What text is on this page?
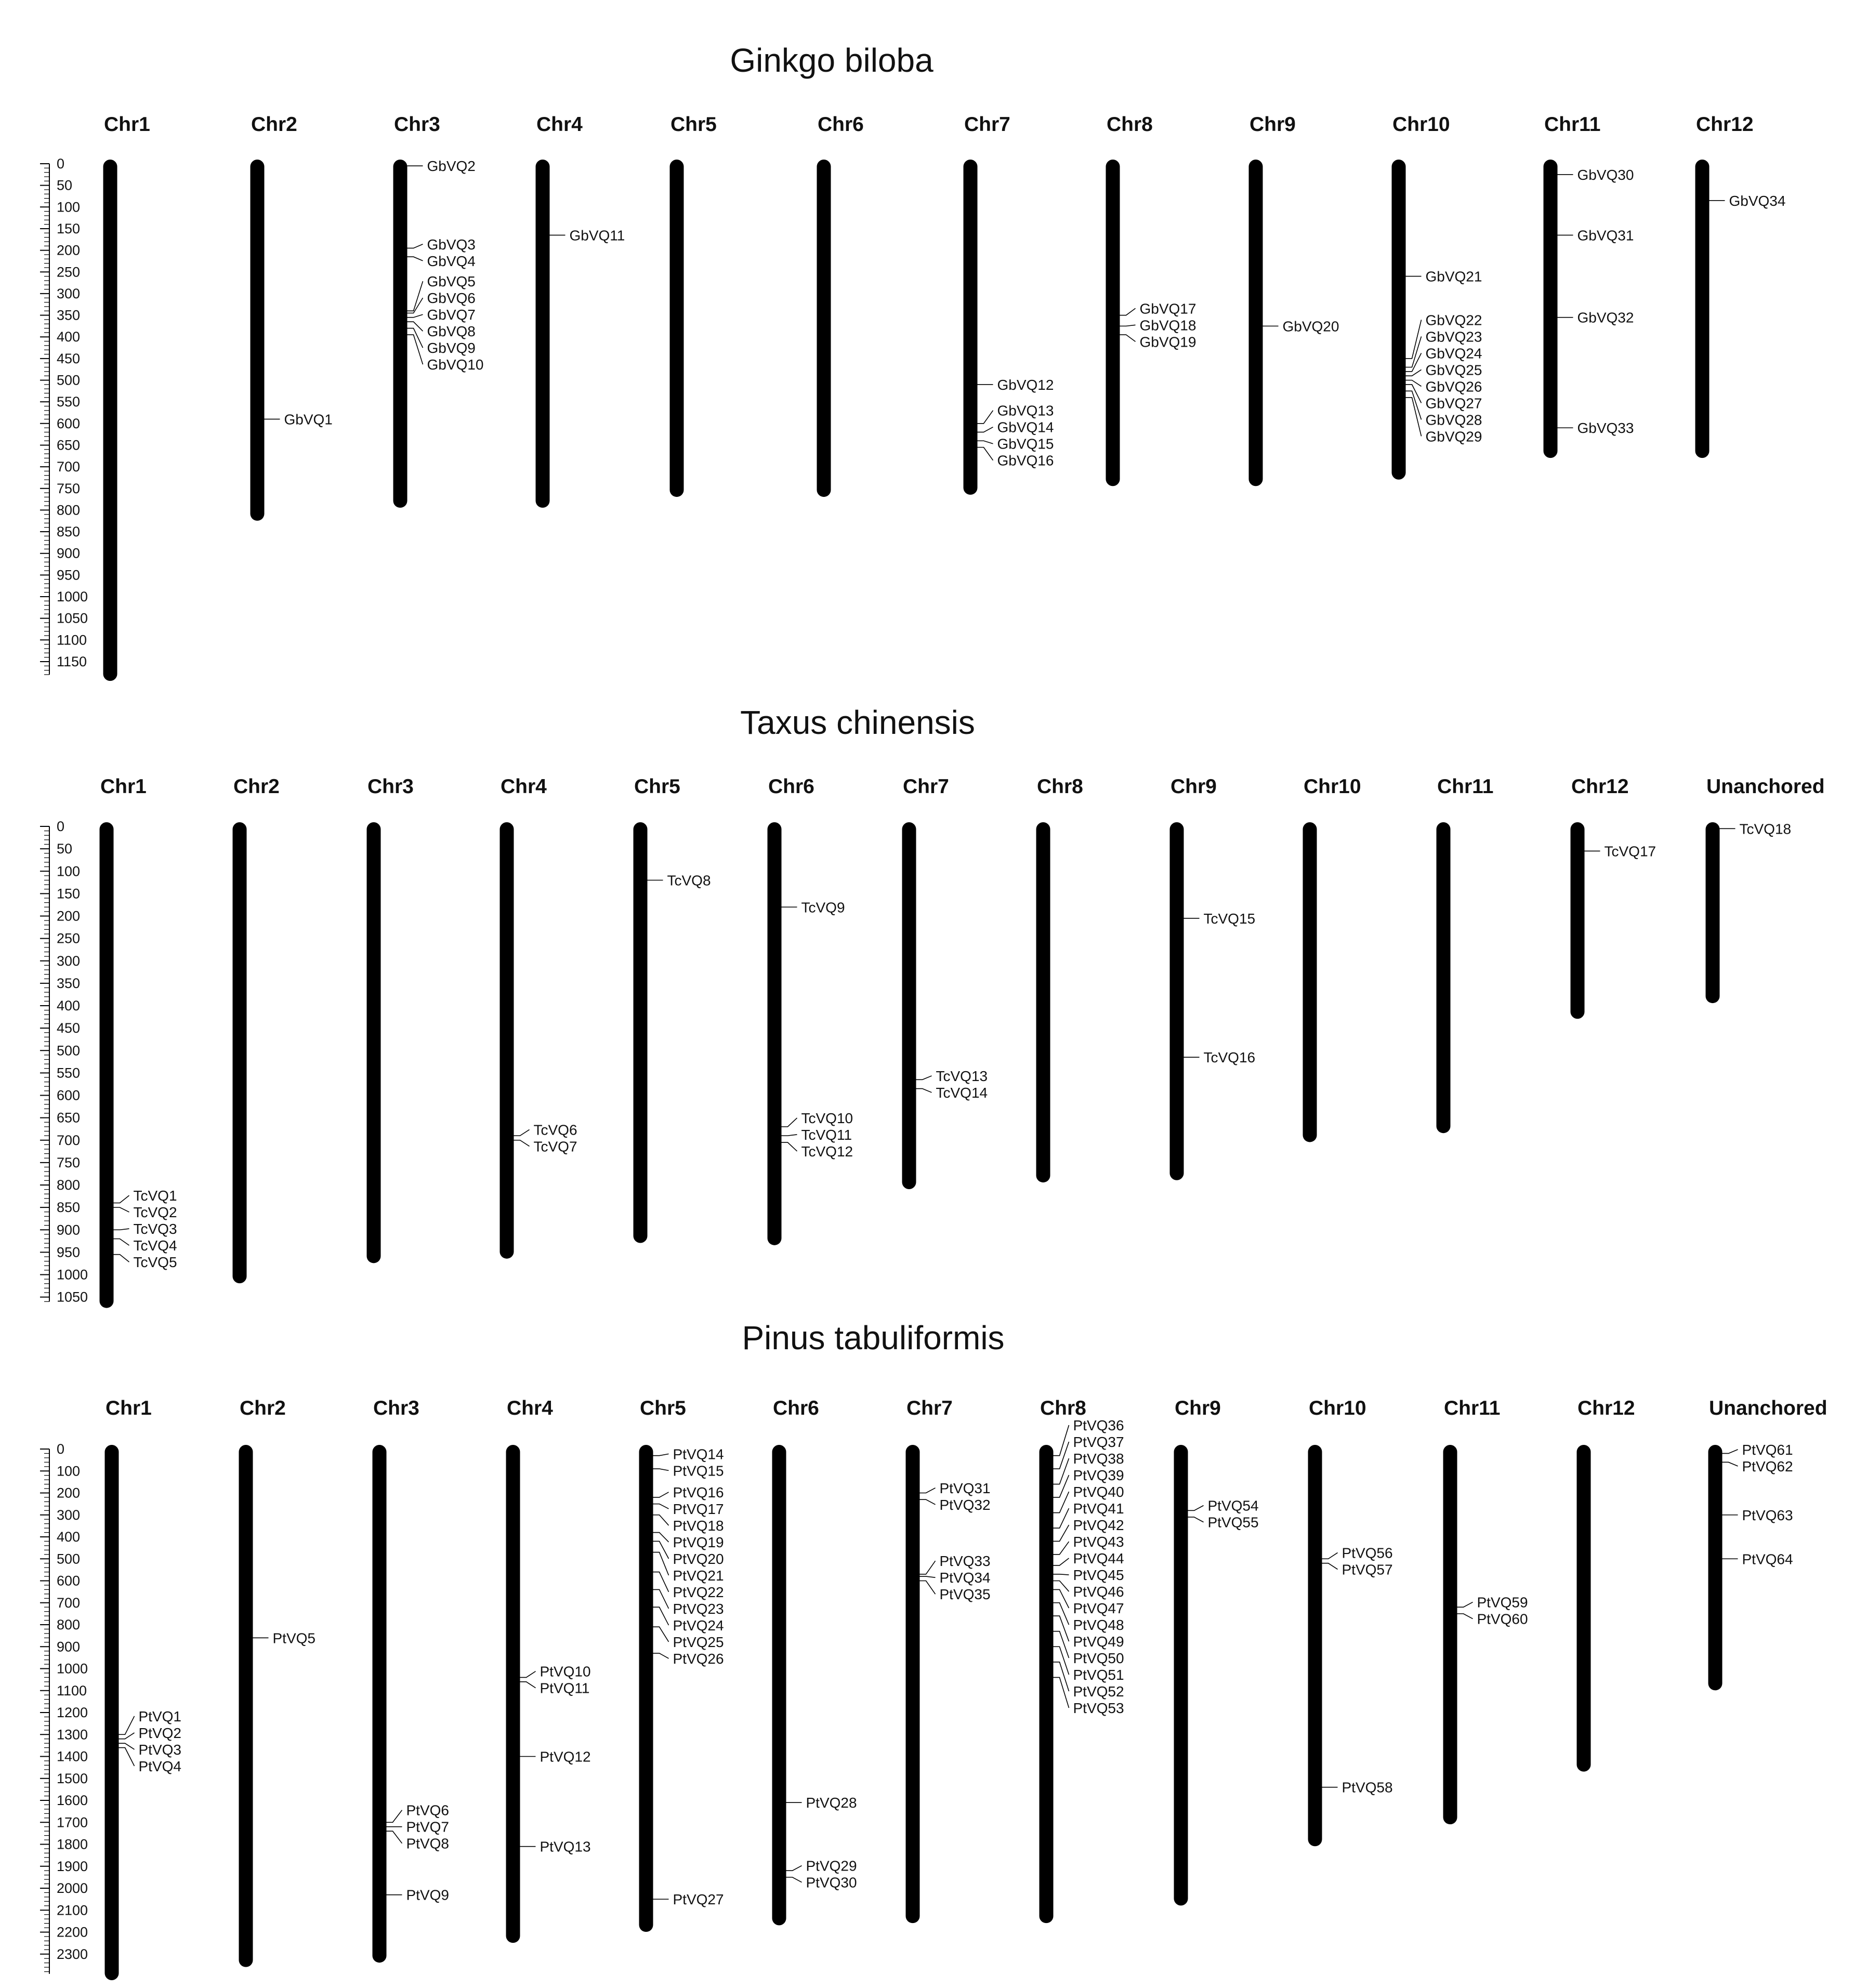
Ginkgo biloba
0
50
100
150
200
250
300
350
400
450
500
550
600
650
700
750
800
850
900
950
1000
1050
1100
1150
Chr1	Chr2
GbVQ1
Chr3
GbVQ2
GbVQ3
GbVQ4
GbVQ5
GbVQ6
GbVQ7
GbVQ8
GbVQ9
GbVQ10
Chr4
GbVQ11
Chr5	Chr6	Chr7
GbVQ12
GbVQ13
GbVQ14
GbVQ15
GbVQ16
Chr8
GbVQ17
GbVQ18
GbVQ19
Chr9
GbVQ20
Chr10
GbVQ21
GbVQ22
GbVQ23
GbVQ24
GbVQ25
GbVQ26
GbVQ27
GbVQ28
GbVQ29
Chr11
GbVQ30
GbVQ31
GbVQ32
GbVQ33
Chr12
GbVQ34
Taxus chinensis
0
50
100
150
200
250
300
350
400
450
500
550
600
650
700
750
800
850
900
950
1000
1050
Chr1
TcVQ1
TcVQ2
TcVQ3
TcVQ4
TcVQ5
Chr2	Chr3	Chr4
TcVQ6
TcVQ7
Chr5
TcVQ8
Chr6
TcVQ9
TcVQ10
TcVQ11
TcVQ12
Chr7
TcVQ13
TcVQ14
Chr8	Chr9
TcVQ15
TcVQ16
Chr10	Chr11	Chr12
TcVQ17
Unanchored
TcVQ18
Pinus tabuliformis
0
100
200
300
400
500
600
700
800
900
1000
1100
1200
1300
1400
1500
1600
1700
1800
1900
2000
2100
2200
2300
Chr1
PtVQ1
PtVQ2
PtVQ3
PtVQ4
Chr2
PtVQ5
Chr3
PtVQ6
PtVQ7
PtVQ8
PtVQ9
Chr4
PtVQ10
PtVQ11
PtVQ12
PtVQ13
Chr5
PtVQ14
PtVQ15
PtVQ16
PtVQ17
PtVQ18
PtVQ19
PtVQ20
PtVQ21
PtVQ22
PtVQ23
PtVQ24
PtVQ25
PtVQ26
PtVQ27
Chr6
PtVQ28
PtVQ29
PtVQ30
Chr7
PtVQ31
PtVQ32
PtVQ33
PtVQ34
PtVQ35
Chr8
PtVQ36
PtVQ37
PtVQ38
PtVQ39
PtVQ40
PtVQ41
PtVQ42
PtVQ43
PtVQ44
PtVQ45
PtVQ46
PtVQ47
PtVQ48
PtVQ49
PtVQ50
PtVQ51
PtVQ52
PtVQ53
Chr9
PtVQ54
PtVQ55
Chr10
PtVQ56
PtVQ57
PtVQ58
Chr11
PtVQ59
PtVQ60
Chr12	Unanchored
PtVQ61
PtVQ62
PtVQ63
PtVQ64
